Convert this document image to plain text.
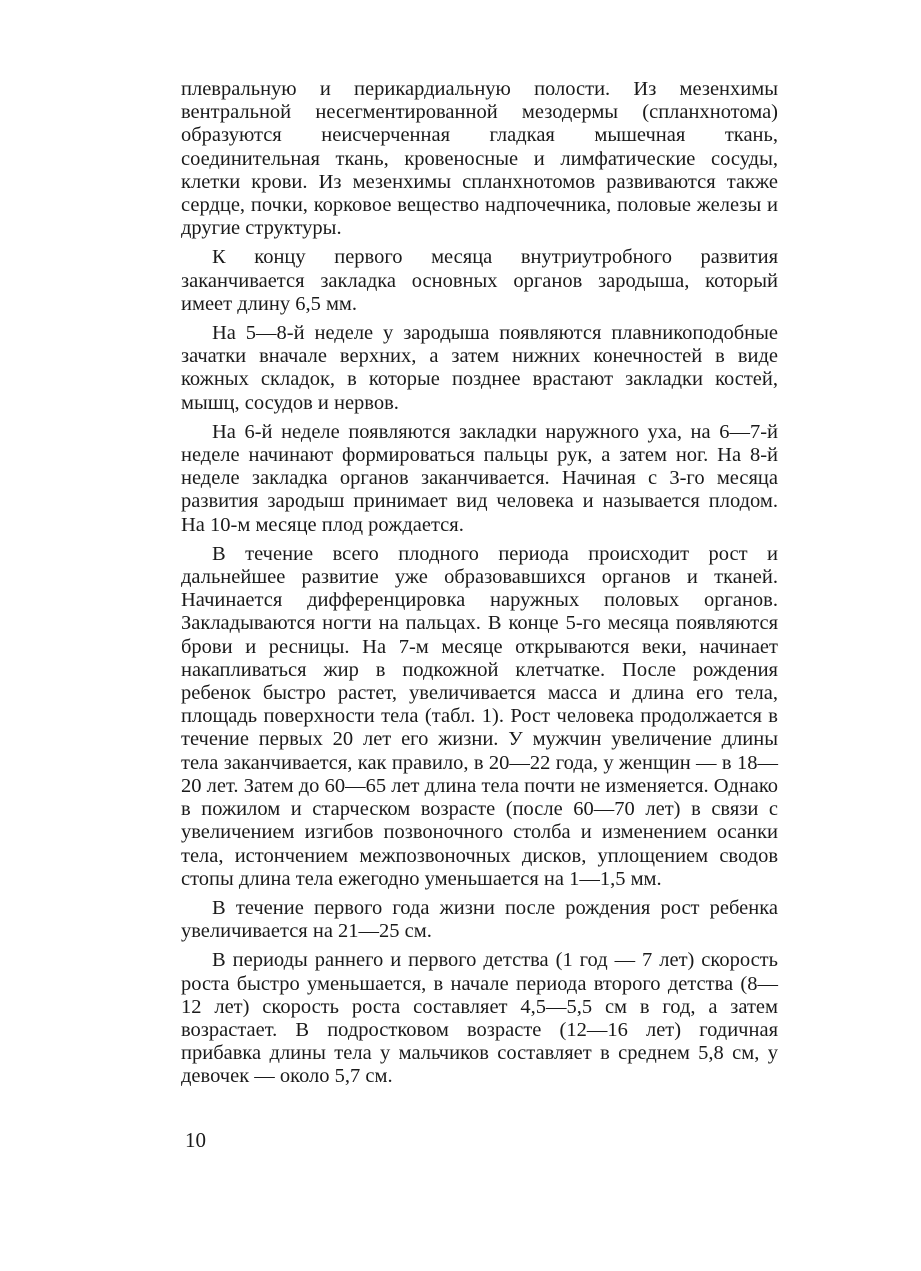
плевральную и перикардиальную полости. Из мезенхимы вентральной несегментированной мезодермы (спланхнотома) образуются неисчерченная гладкая мышечная ткань, соединительная ткань, кровеносные и лимфатические сосуды, клетки крови. Из мезенхимы спланхнотомов развиваются также сердце, почки, корковое вещество надпочечника, половые железы и другие структуры.

К концу первого месяца внутриутробного развития заканчивается закладка основных органов зародыша, который имеет длину 6,5 мм.

На 5—8-й неделе у зародыша появляются плавникоподобные зачатки вначале верхних, а затем нижних конечностей в виде кожных складок, в которые позднее врастают закладки костей, мышц, сосудов и нервов.

На 6-й неделе появляются закладки наружного уха, на 6—7-й неделе начинают формироваться пальцы рук, а затем ног. На 8-й неделе закладка органов заканчивается. Начиная с 3-го месяца развития зародыш принимает вид человека и называется плодом. На 10-м месяце плод рождается.

В течение всего плодного периода происходит рост и дальнейшее развитие уже образовавшихся органов и тканей. Начинается дифференцировка наружных половых органов. Закладываются ногти на пальцах. В конце 5-го месяца появляются брови и ресницы. На 7-м месяце открываются веки, начинает накапливаться жир в подкожной клетчатке. После рождения ребенок быстро растет, увеличивается масса и длина его тела, площадь поверхности тела (табл. 1). Рост человека продолжается в течение первых 20 лет его жизни. У мужчин увеличение длины тела заканчивается, как правило, в 20—22 года, у женщин — в 18—20 лет. Затем до 60—65 лет длина тела почти не изменяется. Однако в пожилом и старческом возрасте (после 60—70 лет) в связи с увеличением изгибов позвоночного столба и изменением осанки тела, истончением межпозвоночных дисков, уплощением сводов стопы длина тела ежегодно уменьшается на 1—1,5 мм.

В течение первого года жизни после рождения рост ребенка увеличивается на 21—25 см.

В периоды раннего и первого детства (1 год — 7 лет) скорость роста быстро уменьшается, в начале периода второго детства (8—12 лет) скорость роста составляет 4,5—5,5 см в год, а затем возрастает. В подростковом возрасте (12—16 лет) годичная прибавка длины тела у мальчиков составляет в среднем 5,8 см, у девочек — около 5,7 см.

10
